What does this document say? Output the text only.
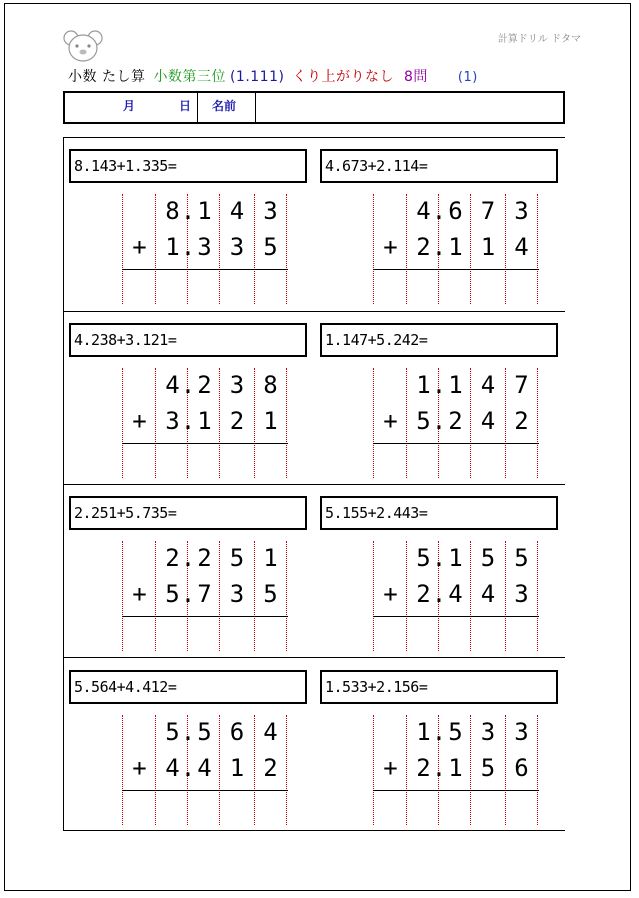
計算ドリル ドタマ
小数 たし算 小数第三位 (1.111) くり上がりなし 8問 (1)
月	日 名前
8.143+1.335=
8 . 1 4 3
+ 1 . 3 3 5
4.673+2.114=
4 . 6 7 3
+ 2 . 1 1 4
4.238+3.121=
4 . 2 3 8
+ 3 . 1 2 1
1.147+5.242=
1 . 1 4 7
+ 5 . 2 4 2
2.251+5.735=
2 . 2 5 1
+ 5 . 7 3 5
5.155+2.443=
5 . 1 5 5
+ 2 . 4 4 3
5.564+4.412=
5 . 5 6 4
+ 4 . 4 1 2
1.533+2.156=
1 . 5 3 3
+ 2 . 1 5 6
